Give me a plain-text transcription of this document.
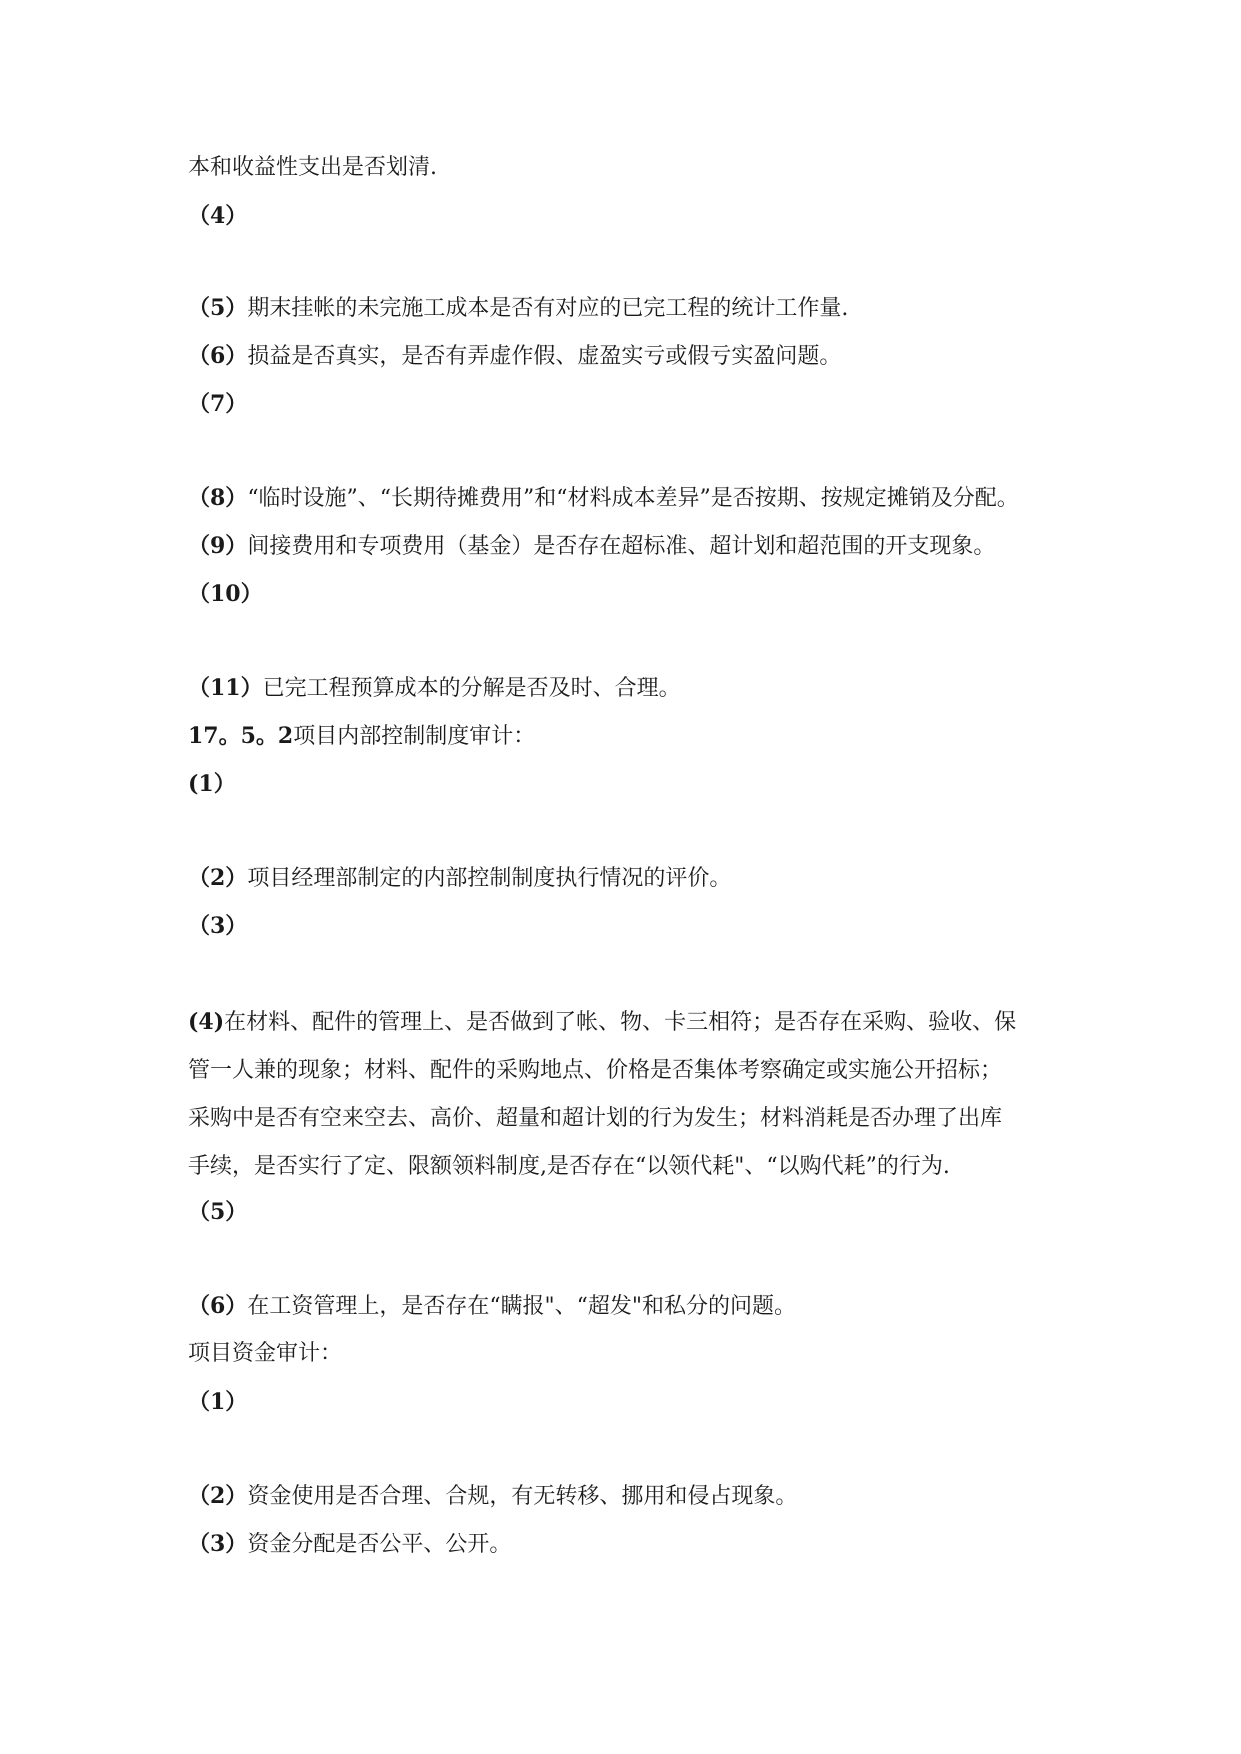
本和收益性支出是否划清.
（4）
（5）期末挂帐的未完施工成本是否有对应的已完工程的统计工作量.
（6）损益是否真实，是否有弄虚作假、虚盈实亏或假亏实盈问题。
（7）
（8）“临时设施”、“长期待摊费用”和“材料成本差异”是否按期、按规定摊销及分配。
（9）间接费用和专项费用（基金）是否存在超标准、超计划和超范围的开支现象。
（10）
（11）已完工程预算成本的分解是否及时、合理。
17。5。2项目内部控制制度审计：
(1）
（2）项目经理部制定的内部控制制度执行情况的评价。
（3）
(4)在材料、配件的管理上、是否做到了帐、物、卡三相符；是否存在采购、验收、保
管一人兼的现象；材料、配件的采购地点、价格是否集体考察确定或实施公开招标；
采购中是否有空来空去、高价、超量和超计划的行为发生；材料消耗是否办理了出库
手续，是否实行了定、限额领料制度,是否存在“以领代耗"、“以购代耗”的行为.
（5）
（6）在工资管理上，是否存在“瞒报"、“超发"和私分的问题。
项目资金审计：
（1）
（2）资金使用是否合理、合规，有无转移、挪用和侵占现象。
（3）资金分配是否公平、公开。
